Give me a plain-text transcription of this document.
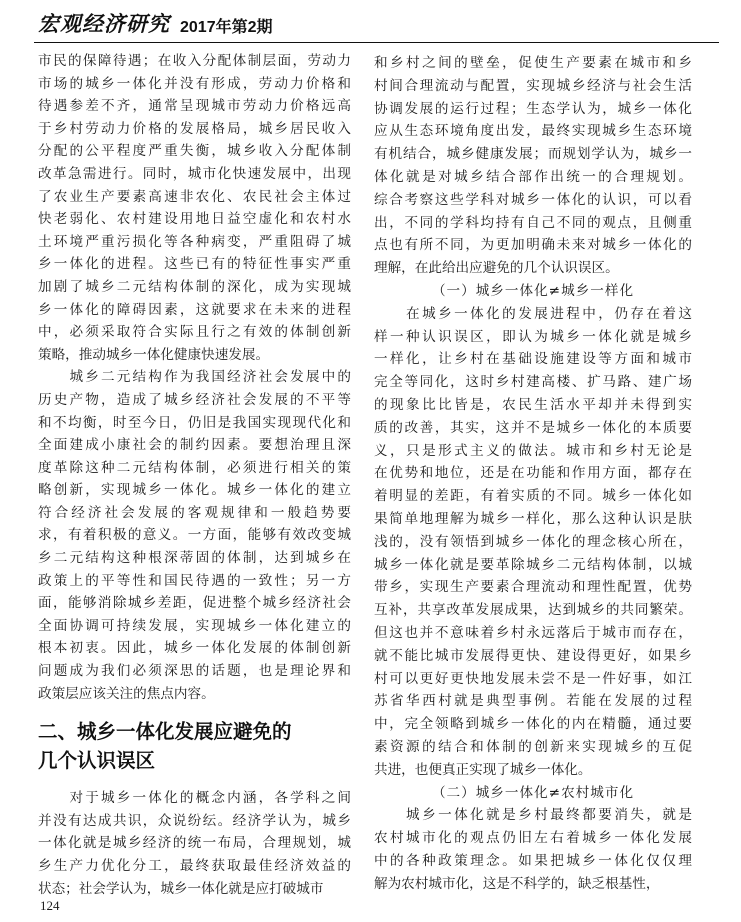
宏观经济研究 2017年第2期
市民的保障待遇；在收入分配体制层面，劳动力
市场的城乡一体化并没有形成，劳动力价格和
待遇参差不齐，通常呈现城市劳动力价格远高
于乡村劳动力价格的发展格局，城乡居民收入
分配的公平程度严重失衡，城乡收入分配体制
改革急需进行。同时，城市化快速发展中，出现
了农业生产要素高速非农化、农民社会主体过
快老弱化、农村建设用地日益空虚化和农村水
土环境严重污损化等各种病变，严重阻碍了城
乡一体化的进程。这些已有的特征性事实严重
加剧了城乡二元结构体制的深化，成为实现城
乡一体化的障碍因素，这就要求在未来的进程
中，必须采取符合实际且行之有效的体制创新
策略，推动城乡一体化健康快速发展。
　　城乡二元结构作为我国经济社会发展中的
历史产物，造成了城乡经济社会发展的不平等
和不均衡，时至今日，仍旧是我国实现现代化和
全面建成小康社会的制约因素。要想治理且深
度革除这种二元结构体制，必须进行相关的策
略创新，实现城乡一体化。城乡一体化的建立
符合经济社会发展的客观规律和一般趋势要
求，有着积极的意义。一方面，能够有效改变城
乡二元结构这种根深蒂固的体制，达到城乡在
政策上的平等性和国民待遇的一致性；另一方
面，能够消除城乡差距，促进整个城乡经济社会
全面协调可持续发展，实现城乡一体化建立的
根本初衷。因此，城乡一体化发展的体制创新
问题成为我们必须深思的话题，也是理论界和
政策层应该关注的焦点内容。
二、城乡一体化发展应避免的
几个认识误区
　　对于城乡一体化的概念内涵，各学科之间
并没有达成共识，众说纷纭。经济学认为，城乡
一体化就是城乡经济的统一布局，合理规划，城
乡生产力优化分工，最终获取最佳经济效益的
状态；社会学认为，城乡一体化就是应打破城市
和乡村之间的壁垒，促使生产要素在城市和乡
村间合理流动与配置，实现城乡经济与社会生活
协调发展的运行过程；生态学认为，城乡一体化
应从生态环境角度出发，最终实现城乡生态环境
有机结合，城乡健康发展；而规划学认为，城乡一
体化就是对城乡结合部作出统一的合理规划。
综合考察这些学科对城乡一体化的认识，可以看
出，不同的学科均持有自己不同的观点，且侧重
点也有所不同，为更加明确未来对城乡一体化的
理解，在此给出应避免的几个认识误区。
（一）城乡一体化≠城乡一样化
　　在城乡一体化的发展进程中，仍存在着这
样一种认识误区，即认为城乡一体化就是城乡
一样化，让乡村在基础设施建设等方面和城市
完全等同化，这时乡村建高楼、扩马路、建广场
的现象比比皆是，农民生活水平却并未得到实
质的改善，其实，这并不是城乡一体化的本质要
义，只是形式主义的做法。城市和乡村无论是
在优势和地位，还是在功能和作用方面，都存在
着明显的差距，有着实质的不同。城乡一体化如
果简单地理解为城乡一样化，那么这种认识是肤
浅的，没有领悟到城乡一体化的理念核心所在，
城乡一体化就是要革除城乡二元结构体制，以城
带乡，实现生产要素合理流动和理性配置，优势
互补，共享改革发展成果，达到城乡的共同繁荣。
但这也并不意味着乡村永远落后于城市而存在，
就不能比城市发展得更快、建设得更好，如果乡
村可以更好更快地发展未尝不是一件好事，如江
苏省华西村就是典型事例。若能在发展的过程
中，完全领略到城乡一体化的内在精髓，通过要
素资源的结合和体制的创新来实现城乡的互促
共进，也便真正实现了城乡一体化。
（二）城乡一体化≠农村城市化
　　城乡一体化就是乡村最终都要消失，就是
农村城市化的观点仍旧左右着城乡一体化发展
中的各种政策理念。如果把城乡一体化仅仅理
解为农村城市化，这是不科学的，缺乏根基性，
124
